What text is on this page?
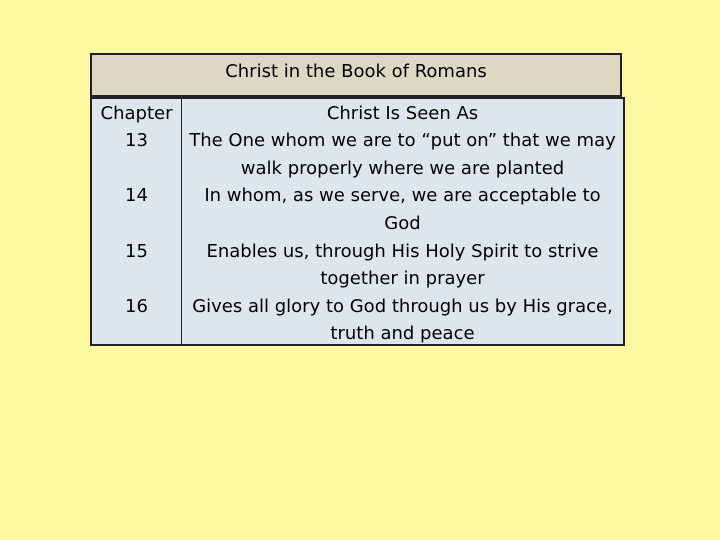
Christ in the Book of Romans
Chapter	Christ Is Seen As
13	The One whom we are to “put on” that we may
walk properly where we are planted
14	In whom, as we serve, we are acceptable to
God
15	Enables us, through His Holy Spirit to strive
together in prayer
16	Gives all glory to God through us by His grace,
truth and peace
